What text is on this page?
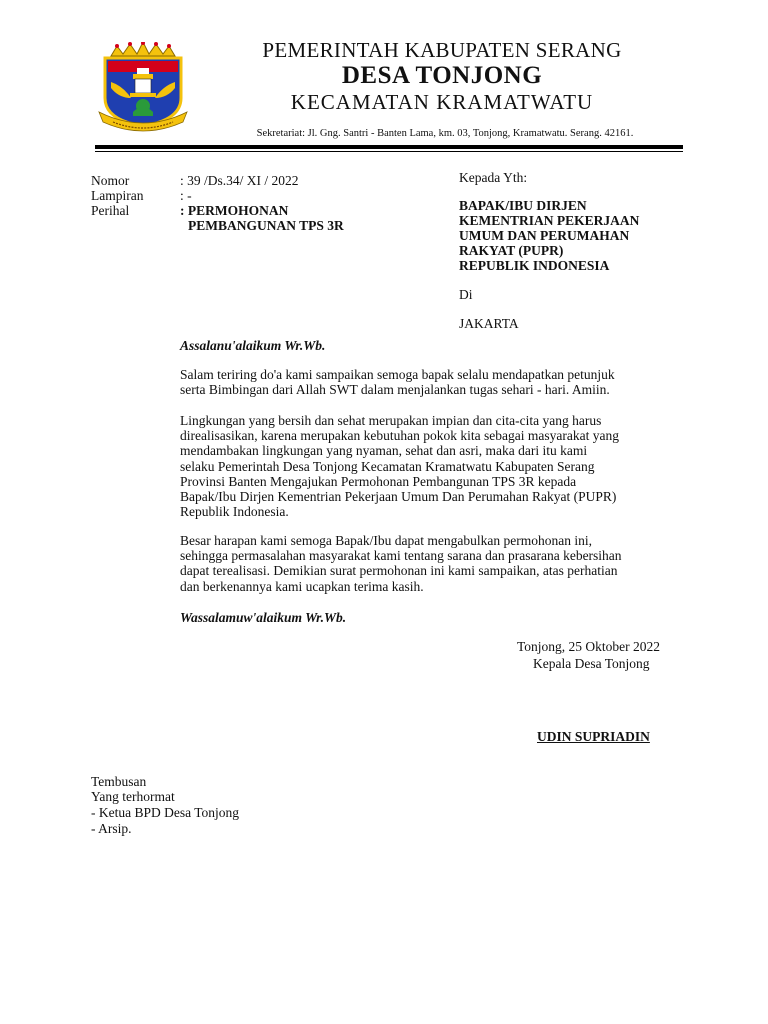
PEMERINTAH KABUPATEN SERANG
DESA TONJONG
KECAMATAN KRAMATWATU
Sekretariat: Jl. Gng. Santri - Banten Lama, km. 03, Tonjong, Kramatwatu. Serang. 42161.
Nomor	: 39 /Ds.34/ XI / 2022
Lampiran	: -
Perihal	: PERMOHONAN
PEMBANGUNAN TPS 3R
Kepada Yth:
BAPAK/IBU DIRJEN
KEMENTRIAN PEKERJAAN
UMUM DAN PERUMAHAN
RAKYAT (PUPR)
REPUBLIK INDONESIA
Di
JAKARTA
Assalanu'alaikum Wr.Wb.
Salam teriring do'a kami sampaikan semoga bapak selalu mendapatkan petunjuk
serta Bimbingan dari Allah SWT dalam menjalankan tugas sehari - hari. Amiin.
Lingkungan yang bersih dan sehat merupakan impian dan cita-cita yang harus
direalisasikan, karena merupakan kebutuhan pokok kita sebagai masyarakat yang
mendambakan lingkungan yang nyaman, sehat dan asri, maka dari itu kami
selaku Pemerintah Desa Tonjong Kecamatan Kramatwatu Kabupaten Serang
Provinsi Banten Mengajukan Permohonan Pembangunan TPS 3R kepada
Bapak/Ibu Dirjen Kementrian Pekerjaan Umum Dan Perumahan Rakyat (PUPR)
Republik Indonesia.
Besar harapan kami semoga Bapak/Ibu dapat mengabulkan permohonan ini,
sehingga permasalahan masyarakat kami tentang sarana dan prasarana kebersihan
dapat terealisasi. Demikian surat permohonan ini kami sampaikan, atas perhatian
dan berkenannya kami ucapkan terima kasih.
Wassalamuw'alaikum Wr.Wb.
Tonjong, 25 Oktober 2022
Kepala Desa Tonjong
UDIN SUPRIADIN
Tembusan
Yang terhormat
- Ketua BPD Desa Tonjong
- Arsip.
